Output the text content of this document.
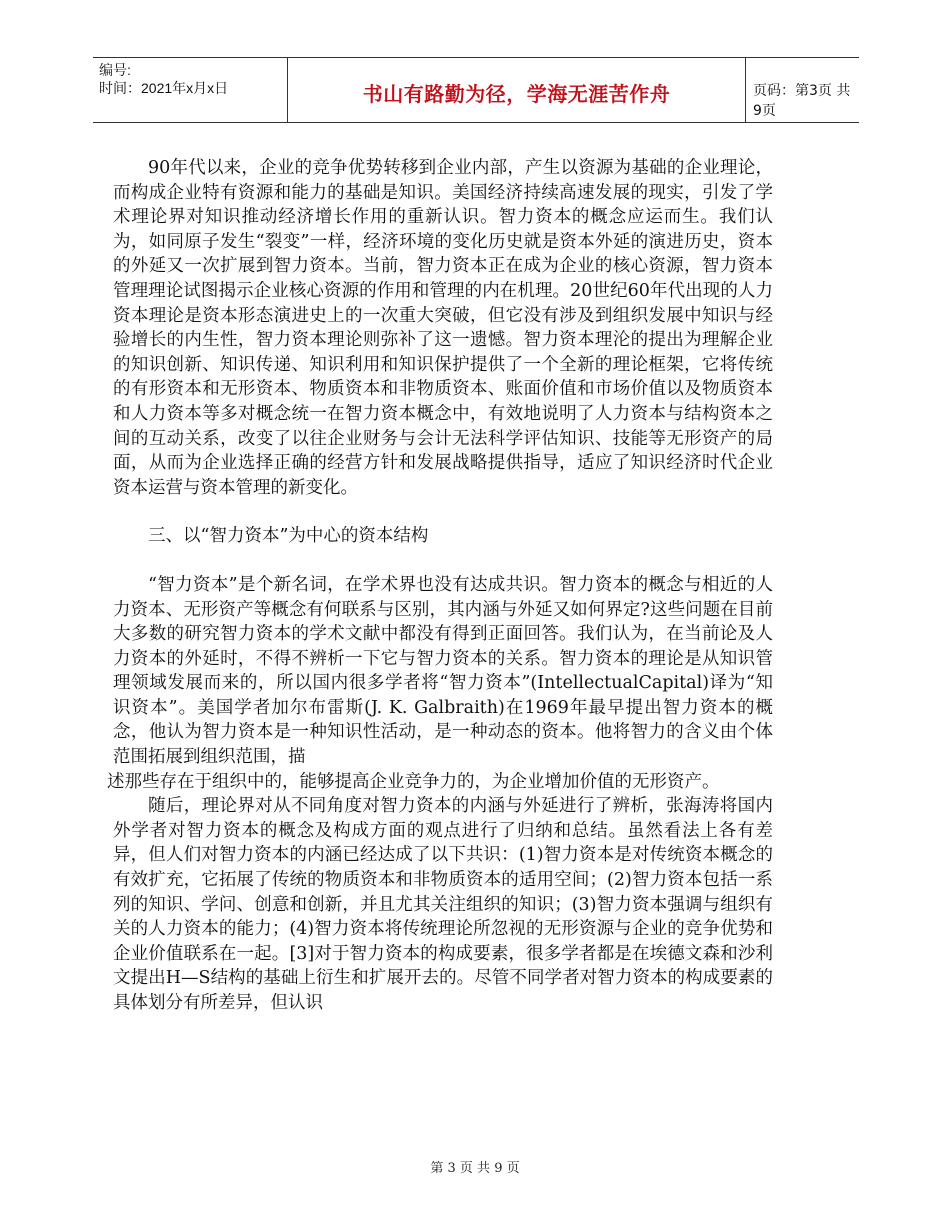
编号:
时间：2021年x月x日	书山有路勤为径，学海无涯苦作舟	页码：第3页 共9页

90年代以来，企业的竞争优势转移到企业内部，产生以资源为基础的企业理论，而构成企业特有资源和能力的基础是知识。美国经济持续高速发展的现实，引发了学术理论界对知识推动经济增长作用的重新认识。智力资本的概念应运而生。我们认为，如同原子发生“裂变”一样，经济环境的变化历史就是资本外延的演进历史，资本的外延又一次扩展到智力资本。当前，智力资本正在成为企业的核心资源，智力资本管理理论试图揭示企业核心资源的作用和管理的内在机理。20世纪60年代出现的人力资本理论是资本形态演进史上的一次重大突破，但它没有涉及到组织发展中知识与经验增长的内生性，智力资本理论则弥补了这一遗憾。智力资本理沦的提出为理解企业的知识创新、知识传递、知识利用和知识保护提供了一个全新的理论框架，它将传统的有形资本和无形资本、物质资本和非物质资本、账面价值和市场价值以及物质资本和人力资本等多对概念统一在智力资本概念中，有效地说明了人力资本与结构资本之间的互动关系，改变了以往企业财务与会计无法科学评估知识、技能等无形资产的局面，从而为企业选择正确的经营方针和发展战略提供指导，适应了知识经济时代企业资本运营与资本管理的新变化。

三、以“智力资本”为中心的资本结构

“智力资本”是个新名词，在学术界也没有达成共识。智力资本的概念与相近的人力资本、无形资产等概念有何联系与区别，其内涵与外延又如何界定?这些问题在目前大多数的研究智力资本的学术文献中都没有得到正面回答。我们认为，在当前论及人力资本的外延时，不得不辨析一下它与智力资本的关系。智力资本的理论是从知识管理领域发展而来的，所以国内很多学者将“智力资本”(IntellectualCapital)译为“知识资本”。美国学者加尔布雷斯(J. K. Galbraith)在1969年最早提出智力资本的概念，他认为智力资本是一种知识性活动，是一种动态的资本。他将智力的含义由个体范围拓展到组织范围，描

述那些存在于组织中的，能够提高企业竞争力的，为企业增加价值的无形资产。

随后，理论界对从不同角度对智力资本的内涵与外延进行了辨析，张海涛将国内外学者对智力资本的概念及构成方面的观点进行了归纳和总结。虽然看法上各有差异，但人们对智力资本的内涵已经达成了以下共识：(1)智力资本是对传统资本概念的有效扩充，它拓展了传统的物质资本和非物质资本的适用空间；(2)智力资本包括一系列的知识、学问、创意和创新，并且尤其关注组织的知识；(3)智力资本强调与组织有关的人力资本的能力；(4)智力资本将传统理论所忽视的无形资源与企业的竞争优势和企业价值联系在一起。[3]对于智力资本的构成要素，很多学者都是在埃德文森和沙利文提出H—S结构的基础上衍生和扩展开去的。尽管不同学者对智力资本的构成要素的具体划分有所差异，但认识

第 3 页 共 9 页
